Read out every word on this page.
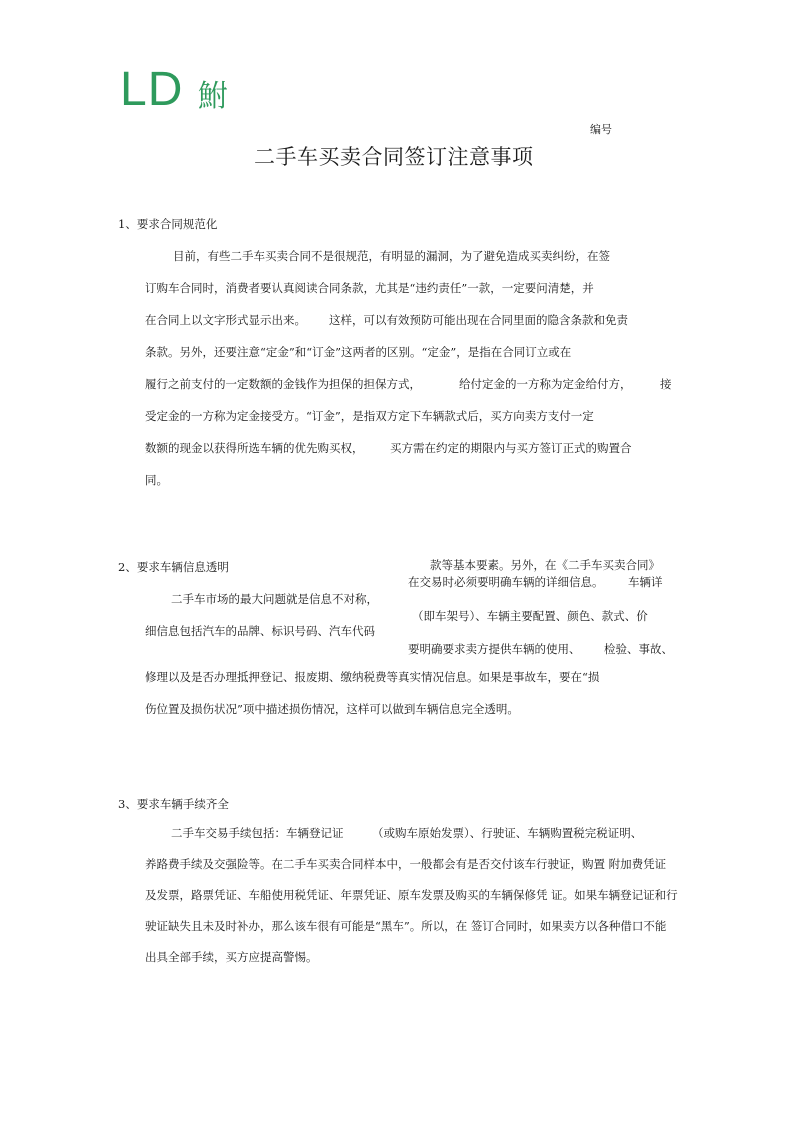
LD 鮒
编号
二手车买卖合同签订注意事项
1、要求合同规范化
目前，有些二手车买卖合同不是很规范，有明显的漏洞，为了避免造成买卖纠纷，在签
订购车合同时，消费者要认真阅读合同条款，尤其是“违约责任”一款，一定要问清楚，并
在合同上以文字形式显示出来。 这样，可以有效预防可能出现在合同里面的隐含条款和免责
条款。另外，还要注意“定金”和“订金”这两者的区别。“定金”，是指在合同订立或在
履行之前支付的一定数额的金钱作为担保的担保方式，	给付定金的一方称为定金给付方， 接
受定金的一方称为定金接受方。“订金”，是指双方定下车辆款式后，买方向卖方支付一定
数额的现金以获得所选车辆的优先购买权， 买方需在约定的期限内与买方签订正式的购置合
同。
2、要求车辆信息透明	款等基本要素。另外，在《二手车买卖合同》
在交易时必须要明确车辆的详细信息。 车辆详
二手车市场的最大问题就是信息不对称，
（即车架号）、车辆主要配置、颜色、款式、价
细信息包括汽车的品牌、标识号码、汽车代码
要明确要求卖方提供车辆的使用、 检验、事故、
修理以及是否办理抵押登记、报废期、缴纳税费等真实情况信息。如果是事故车，要在“损
伤位置及损伤状况”项中描述损伤情况，这样可以做到车辆信息完全透明。
3、要求车辆手续齐全
二手车交易手续包括：车辆登记证 （或购车原始发票）、行驶证、车辆购置税完税证明、
养路费手续及交强险等。在二手车买卖合同样本中，一般都会有是否交付该车行驶证，购置 附加费凭证
及发票，路票凭证、车船使用税凭证、年票凭证、原车发票及购买的车辆保修凭 证。如果车辆登记证和行
驶证缺失且未及时补办，那么该车很有可能是“黑车”。所以，在 签订合同时，如果卖方以各种借口不能
出具全部手续，买方应提高警惕。
